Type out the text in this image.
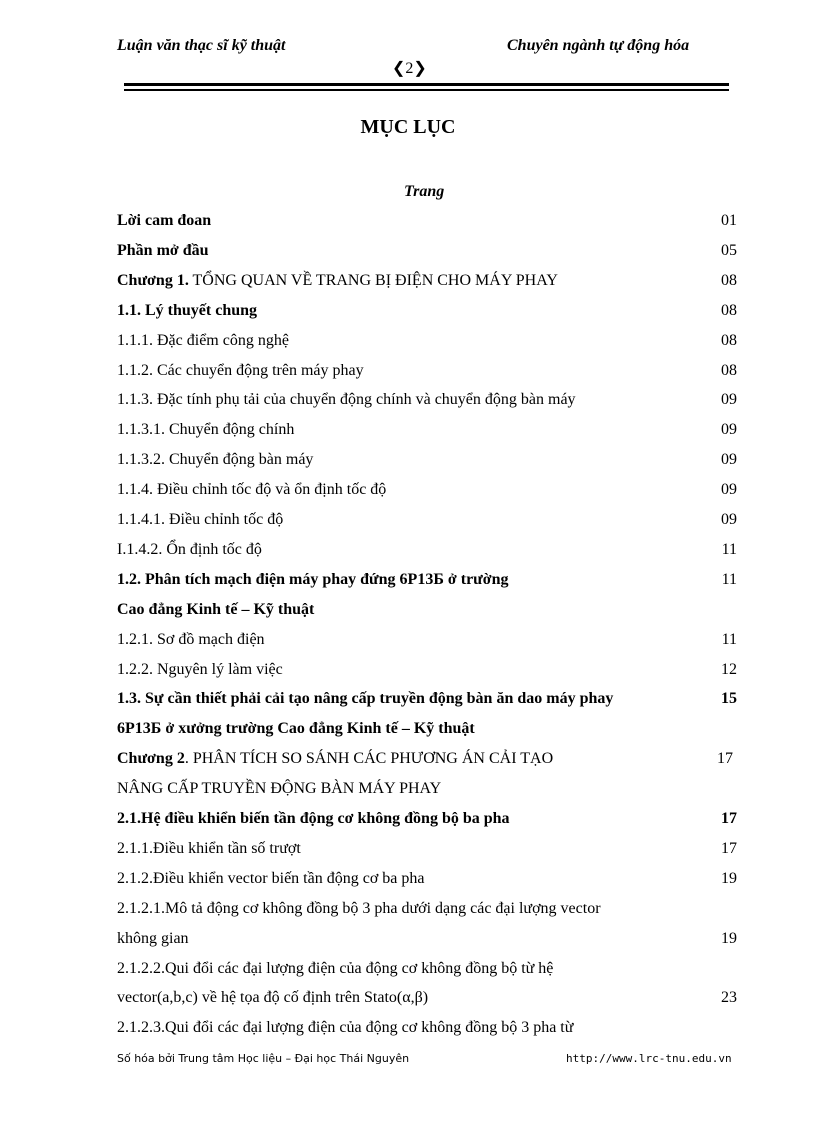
Luận văn thạc sĩ kỹ thuật	Chuyên ngành tự động hóa
❮2❯
MỤC LỤC
Trang
Lời cam đoan	01
Phần mở đầu	05
Chương 1. TỔNG QUAN VỀ TRANG BỊ ĐIỆN CHO MÁY PHAY	08
1.1. Lý thuyết chung	08
1.1.1. Đặc điểm công nghệ	08
1.1.2. Các chuyển động trên máy phay	08
1.1.3. Đặc tính phụ tải của chuyển động chính và chuyển động bàn máy	09
1.1.3.1. Chuyển động chính	09
1.1.3.2. Chuyển động bàn máy	09
1.1.4. Điều chỉnh tốc độ và ổn định tốc độ	09
1.1.4.1. Điều chỉnh tốc độ	09
I.1.4.2. Ổn định tốc độ	11
1.2. Phân tích mạch điện máy phay đứng 6P13Б ở trường	11
Cao đẳng Kinh tế – Kỹ thuật
1.2.1. Sơ đồ mạch điện	11
1.2.2. Nguyên lý làm việc	12
1.3. Sự cần thiết phải cải tạo nâng cấp truyền động bàn ăn dao máy phay	15
6P13Б ở xưởng trường Cao đẳng Kinh tế – Kỹ thuật
Chương 2. PHÂN TÍCH SO SÁNH CÁC PHƯƠNG ÁN CẢI TẠO	17
NÂNG CẤP TRUYỀN ĐỘNG BÀN MÁY PHAY
2.1.Hệ điều khiển biến tần động cơ không đồng bộ ba pha	17
2.1.1.Điều khiển tần số trượt	17
2.1.2.Điều khiển vector biến tần động cơ ba pha	19
2.1.2.1.Mô tả động cơ không đồng bộ 3 pha dưới dạng các đại lượng vector
không gian	19
2.1.2.2.Qui đổi các đại lượng điện của động cơ không đồng bộ từ hệ
vector(a,b,c) về hệ tọa độ cố định trên Stato(α,β)	23
2.1.2.3.Qui đổi các đại lượng điện của động cơ không đồng bộ 3 pha từ
Số hóa bởi Trung tâm Học liệu – Đại học Thái Nguyên	http://www.lrc-tnu.edu.vn
